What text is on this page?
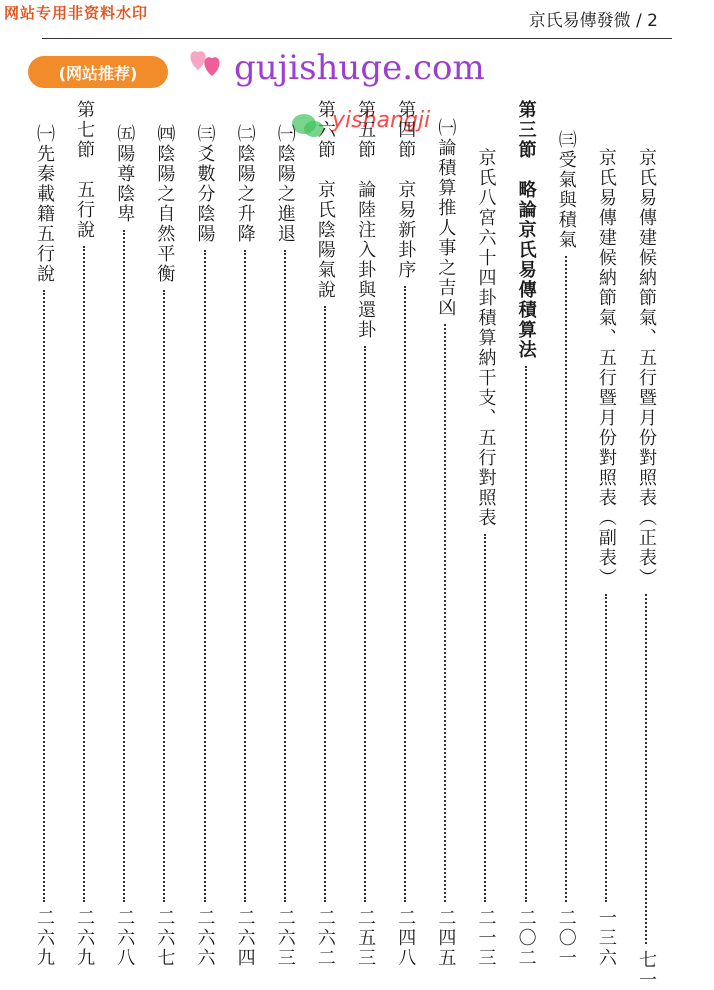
网站专用非资料水印	京氏易傳發微 / 2
(网站推荐)	gujishuge.com
yishangji
京氏易傳建候納節氣、五行暨月份對照表（正表）
七一
京氏易傳建候納節氣、五行暨月份對照表（副表）
一三六
㈢受氣與積氣
二〇一
第三節　略論京氏易傳積算法
二〇二
京氏八宮六十四卦積算納干支、五行對照表
二一三
㈠論積算推人事之吉凶
二四五
第四節　京易新卦序
二四八
第五節　論陸注入卦與還卦
二五三
第六節　京氏陰陽氣說
二六二
㈠陰陽之進退
二六三
㈡陰陽之升降
二六四
㈢爻數分陰陽
二六六
㈣陰陽之自然平衡
二六七
㈤陽尊陰卑
二六八
第七節　五行說
二六九
㈠先秦載籍五行說
二六九
